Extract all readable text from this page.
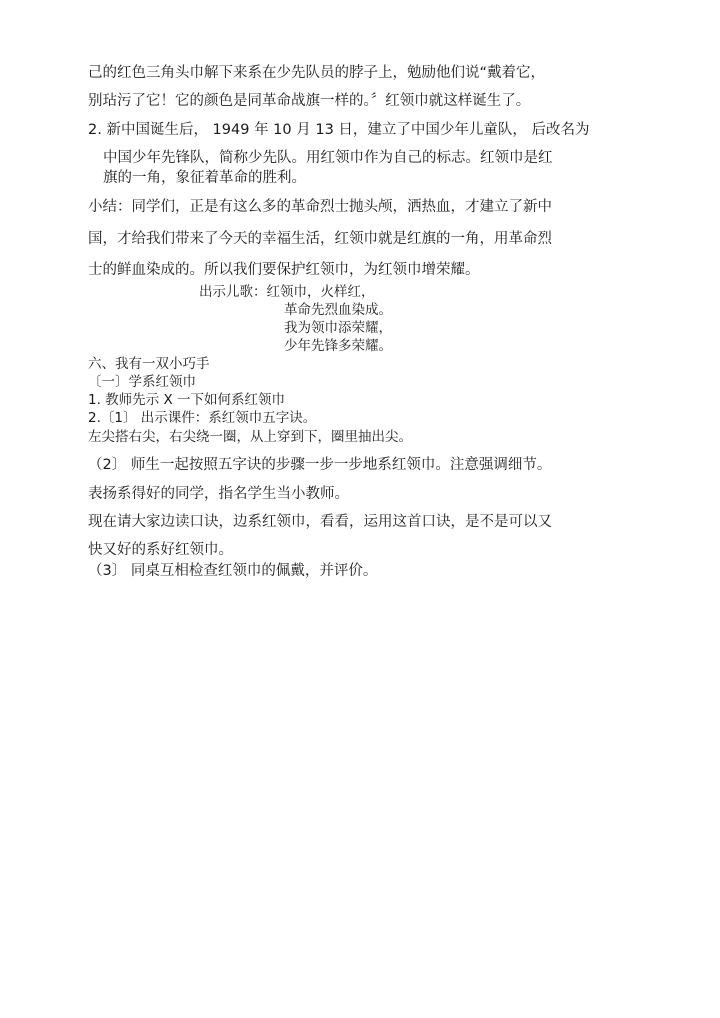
己的红色三角头巾解下来系在少先队员的脖子上，勉励他们说“戴着它，
别玷污了它！它的颜色是同革命战旗一样的。〞红领巾就这样诞生了。
2. 新中国诞生后， 1949 年 10 月 13 日，建立了中国少年儿童队， 后改名为
中国少年先锋队，简称少先队。用红领巾作为自己的标志。红领巾是红
旗的一角，象征着革命的胜利。
小结：同学们，正是有这么多的革命烈士抛头颅，洒热血，才建立了新中
国，才给我们带来了今天的幸福生活，红领巾就是红旗的一角，用革命烈
士的鲜血染成的。所以我们要保护红领巾，为红领巾增荣耀。
出示儿歌：红领巾，火样红，
革命先烈血染成。
我为领巾添荣耀，
少年先锋多荣耀。
六、我有一双小巧手
〔一〕学系红领巾
1. 教师先示 X 一下如何系红领巾
2.〔1〕 出示课件：系红领巾五字诀。
左尖搭右尖，右尖绕一圈，从上穿到下，圈里抽出尖。
（2〕 师生一起按照五字诀的步骤一步一步地系红领巾。注意强调细节。
表扬系得好的同学，指名学生当小教师。
现在请大家边读口诀，边系红领巾，看看，运用这首口诀，是不是可以又
快又好的系好红领巾。
（3〕 同桌互相检查红领巾的佩戴，并评价。
